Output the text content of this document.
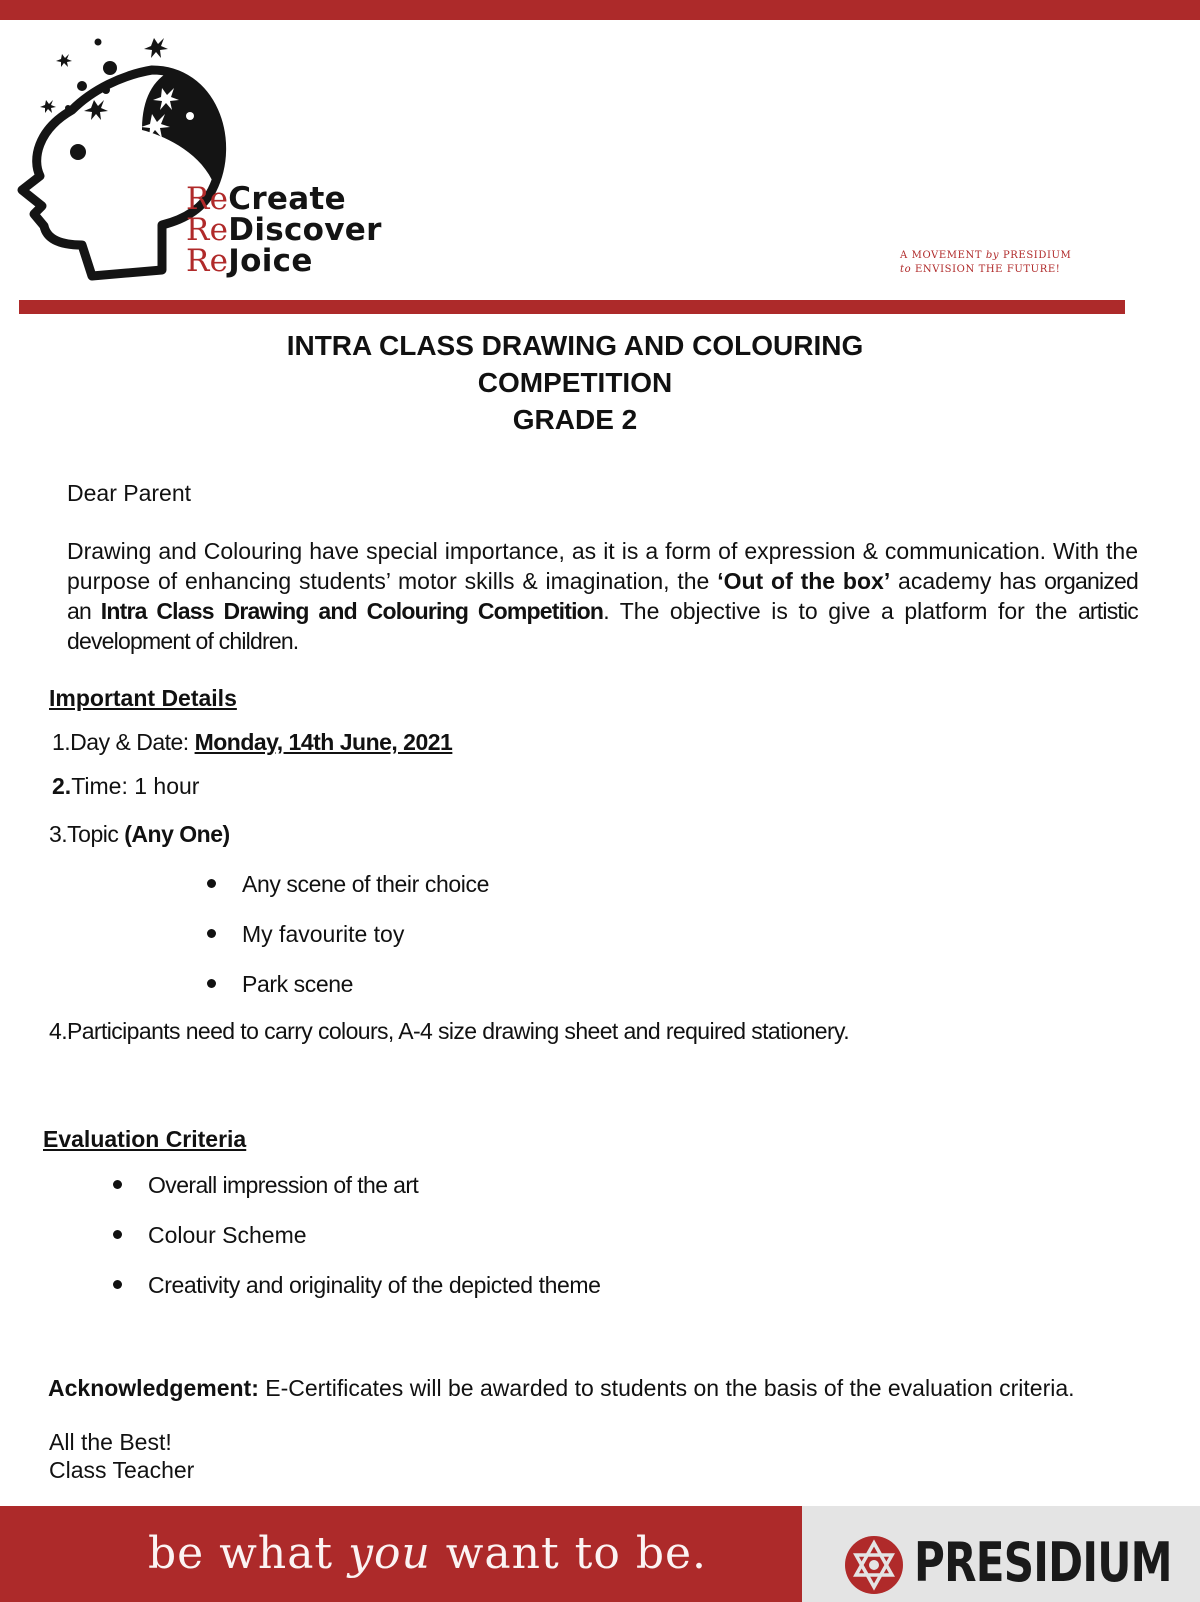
ReCreate
ReDiscover
ReJoice	A MOVEMENT by PRESIDIUM
to ENVISION THE FUTURE!
INTRA CLASS DRAWING AND COLOURING
COMPETITION
GRADE 2
Dear Parent
Drawing and Colouring have special importance, as it is a form of expression & communication. With the purpose of enhancing students’ motor skills & imagination, the ‘Out of the box’ academy has organized an Intra Class Drawing and Colouring Competition. The objective is to give a platform for the artistic development of children.
Important Details
1.Day & Date: Monday, 14th June, 2021
2.Time: 1 hour
3.Topic (Any One)
Any scene of their choice
My favourite toy
Park scene
4.Participants need to carry colours, A-4 size drawing sheet and required stationery.
Evaluation Criteria
Overall impression of the art
Colour Scheme
Creativity and originality of the depicted theme
Acknowledgement: E-Certificates will be awarded to students on the basis of the evaluation criteria.
All the Best!
Class Teacher
be what you want to be.	PRESIDIUM
